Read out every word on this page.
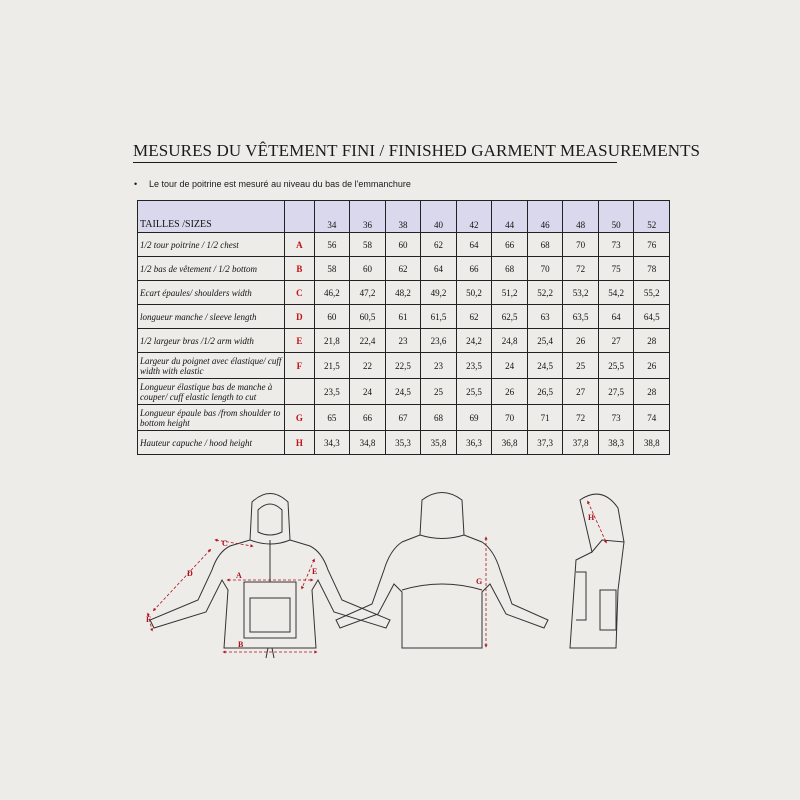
MESURES DU VÊTEMENT FINI / FINISHED GARMENT MEASUREMENTS
• Le tour de poitrine est mesuré au niveau du bas de l'emmanchure
TAILLES /SIZES		34	36	38	40	42	44	46	48	50	52
1/2 tour poitrine / 1/2 chest	A	56	58	60	62	64	66	68	70	73	76
1/2 bas de vêtement / 1/2 bottom	B	58	60	62	64	66	68	70	72	75	78
Ecart épaules/ shoulders width	C	46,2	47,2	48,2	49,2	50,2	51,2	52,2	53,2	54,2	55,2
longueur manche / sleeve length	D	60	60,5	61	61,5	62	62,5	63	63,5	64	64,5
1/2 largeur bras /1/2 arm width	E	21,8	22,4	23	23,6	24,2	24,8	25,4	26	27	28
Largeur du poignet avec élastique/ cuff width with elastic	F	21,5	22	22,5	23	23,5	24	24,5	25	25,5	26
Longueur élastique bas de manche à couper/ cuff elastic length to cut		23,5	24	24,5	25	25,5	26	26,5	27	27,5	28
Longueur épaule bas /from shoulder to bottom height	G	65	66	67	68	69	70	71	72	73	74
Hauteur capuche / hood height	H	34,3	34,8	35,3	35,8	36,3	36,8	37,3	37,8	38,3	38,8
A
B
C
D	E
F
G
H
